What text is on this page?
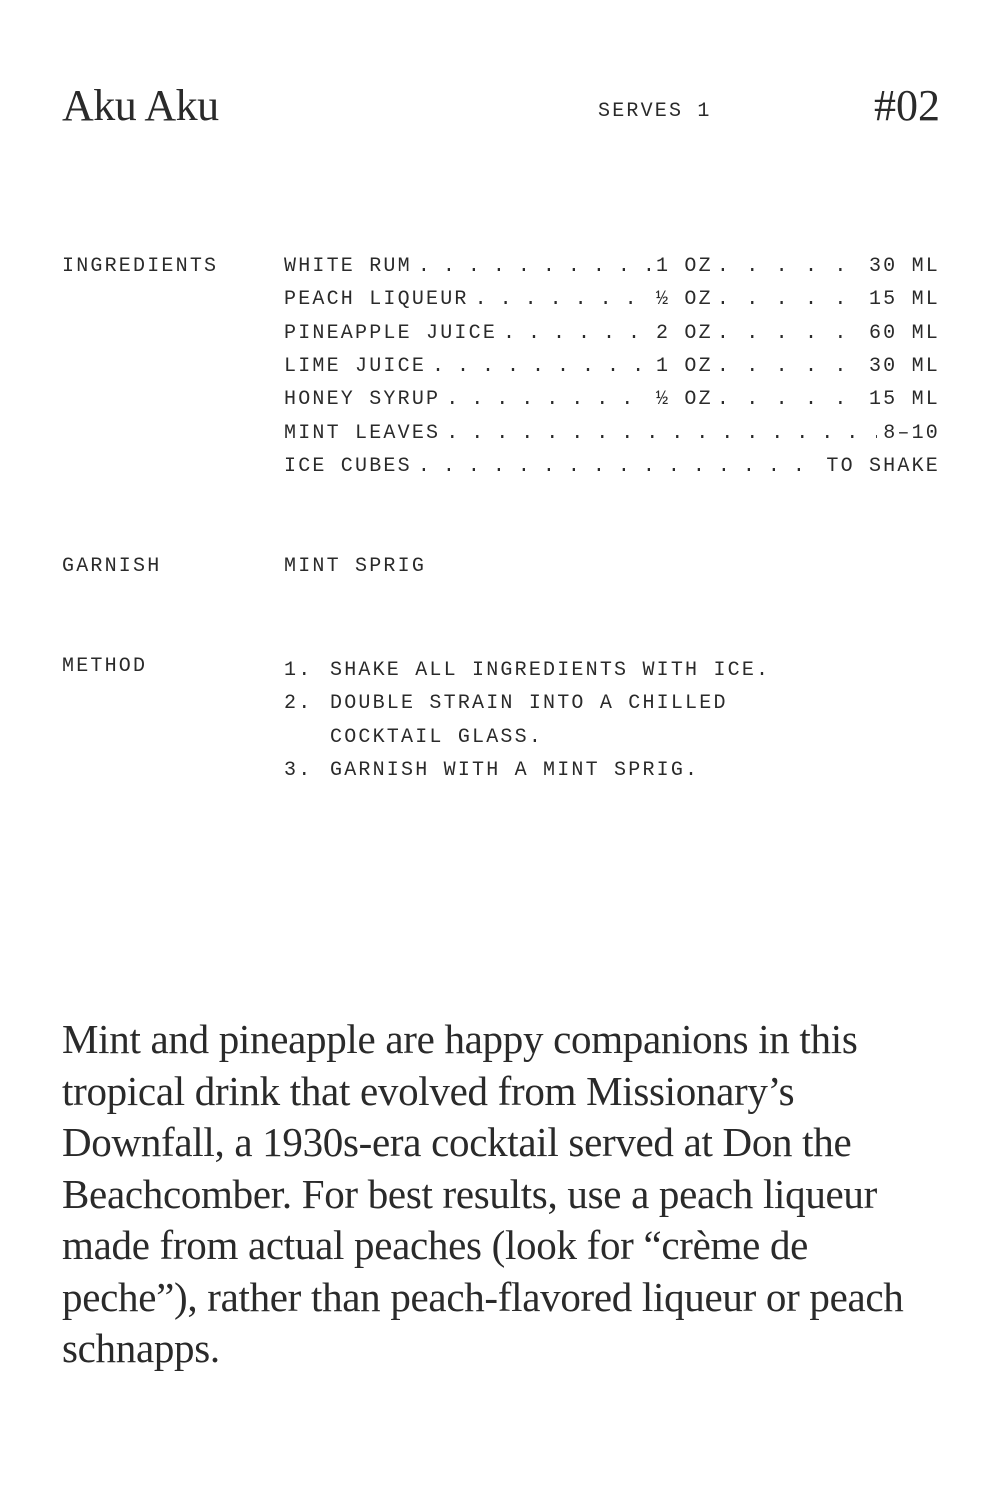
Aku Aku	SERVES 1	#02
INGREDIENTS	WHITE RUM . . .	1 OZ . . .	30 ML
PEACH LIQUEUR . . .	½ OZ . . .	15 ML
PINEAPPLE JUICE . . .	2 OZ . . .	60 ML
LIME JUICE . . .	1 OZ . . .	30 ML
HONEY SYRUP . . .	½ OZ . . .	15 ML
MINT LEAVES . . .	8–10
ICE CUBES . . .	TO SHAKE
GARNISH	MINT SPRIG
METHOD	1. SHAKE ALL INGREDIENTS WITH ICE.
2. DOUBLE STRAIN INTO A CHILLED COCKTAIL GLASS.
3. GARNISH WITH A MINT SPRIG.

Mint and pineapple are happy companions in this tropical drink that evolved from Missionary’s Downfall, a 1930s-era cocktail served at Don the Beachcomber. For best results, use a peach liqueur made from actual peaches (look for “crème de peche”), rather than peach-flavored liqueur or peach schnapps.
